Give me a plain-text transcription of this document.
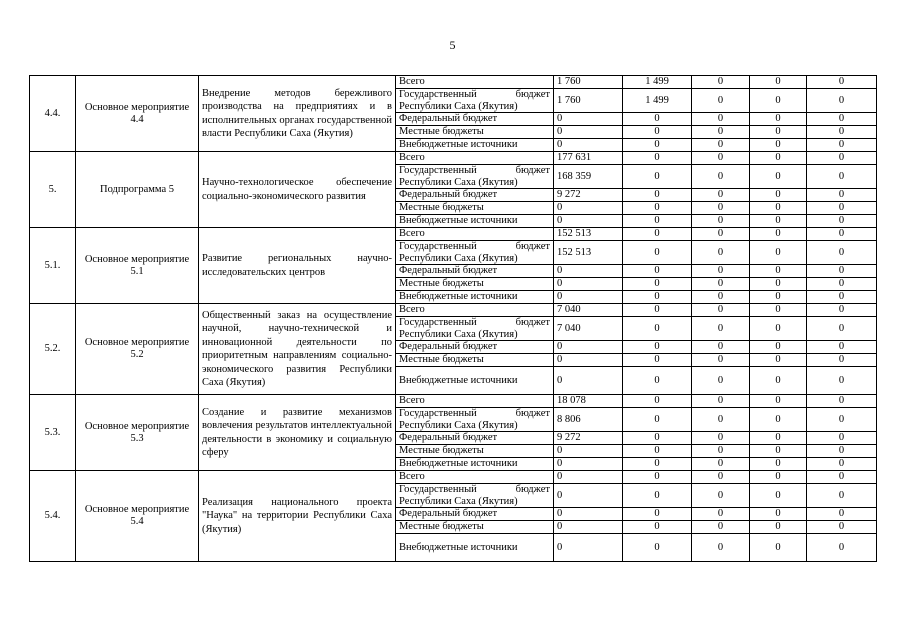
5
4.4.	Основное мероприятие 4.4	Внедрение методов бережливого производства на предприятиях и в исполнительных органах государственной власти Республики Саха (Якутия)	Всего	1 760	1 499	0	0	0
			Государственный бюджет Республики Саха (Якутия)	1 760	1 499	0	0	0
			Федеральный бюджет	0	0	0	0	0
			Местные бюджеты	0	0	0	0	0
			Внебюджетные источники	0	0	0	0	0
5.	Подпрограмма 5	Научно-технологическое обеспечение социально-экономического развития	Всего	177 631	0	0	0	0
			Государственный бюджет Республики Саха (Якутия)	168 359	0	0	0	0
			Федеральный бюджет	9 272	0	0	0	0
			Местные бюджеты	0	0	0	0	0
			Внебюджетные источники	0	0	0	0	0
5.1.	Основное мероприятие 5.1	Развитие региональных научно-исследовательских центров	Всего	152 513	0	0	0	0
			Государственный бюджет Республики Саха (Якутия)	152 513	0	0	0	0
			Федеральный бюджет	0	0	0	0	0
			Местные бюджеты	0	0	0	0	0
			Внебюджетные источники	0	0	0	0	0
5.2.	Основное мероприятие 5.2	Общественный заказ на осуществление научной, научно-технической и инновационной деятельности по приоритетным направлениям социально-экономического развития Республики Саха (Якутия)	Всего	7 040	0	0	0	0
			Государственный бюджет Республики Саха (Якутия)	7 040	0	0	0	0
			Федеральный бюджет	0	0	0	0	0
			Местные бюджеты	0	0	0	0	0
			Внебюджетные источники	0	0	0	0	0
5.3.	Основное мероприятие 5.3	Создание и развитие механизмов вовлечения результатов интеллектуальной деятельности в экономику и социальную сферу	Всего	18 078	0	0	0	0
			Государственный бюджет Республики Саха (Якутия)	8 806	0	0	0	0
			Федеральный бюджет	9 272	0	0	0	0
			Местные бюджеты	0	0	0	0	0
			Внебюджетные источники	0	0	0	0	0
5.4.	Основное мероприятие 5.4	Реализация национального проекта "Наука" на территории Республики Саха (Якутия)	Всего	0	0	0	0	0
			Государственный бюджет Республики Саха (Якутия)	0	0	0	0	0
			Федеральный бюджет	0	0	0	0	0
			Местные бюджеты	0	0	0	0	0
			Внебюджетные источники	0	0	0	0	0
